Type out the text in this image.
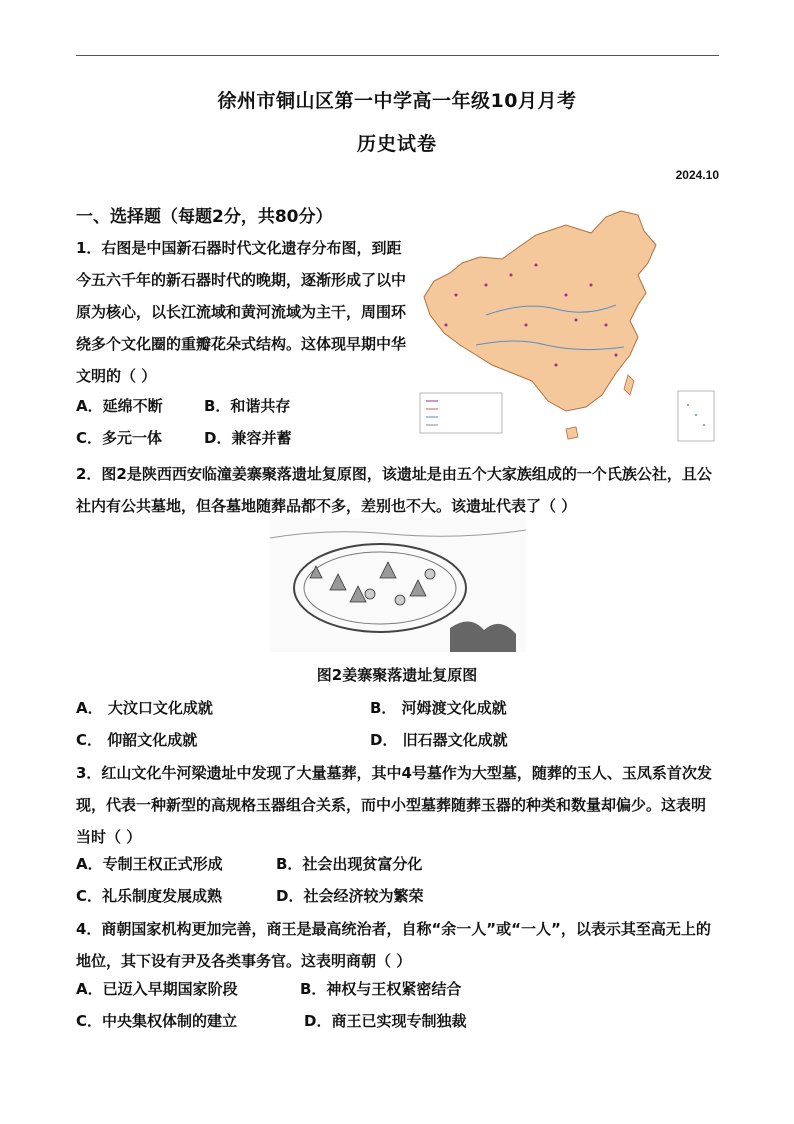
徐州市铜山区第一中学高一年级10月月考
历史试卷
2024.10
一、选择题（每题2分，共80分）
1．右图是中国新石器时代文化遗存分布图，到距今五六千年的新石器时代的晚期，逐渐形成了以中原为核心，以长江流域和黄河流域为主干，周围环绕多个文化圈的重瓣花朵式结构。这体现早期中华文明的（ ）
A．延绵不断	B．和谐共存
C．多元一体	D．兼容并蓄
2．图2是陕西西安临潼姜寨聚落遗址复原图，该遗址是由五个大家族组成的一个氏族公社，且公社内有公共墓地，但各墓地随葬品都不多，差别也不大。该遗址代表了（ ）
图2姜寨聚落遗址复原图
A． 大汶口文化成就	B． 河姆渡文化成就
C． 仰韶文化成就	D． 旧石器文化成就
3．红山文化牛河梁遗址中发现了大量墓葬，其中4号墓作为大型墓，随葬的玉人、玉凤系首次发现，代表一种新型的高规格玉器组合关系，而中小型墓葬随葬玉器的种类和数量却偏少。这表明当时（ ）
A．专制王权正式形成	B．社会出现贫富分化
C．礼乐制度发展成熟	D．社会经济较为繁荣
4．商朝国家机构更加完善，商王是最高统治者，自称“余一人”或“一人”，以表示其至高无上的地位，其下设有尹及各类事务官。这表明商朝（ ）
A．已迈入早期国家阶段	B．神权与王权紧密结合
C．中央集权体制的建立	D．商王已实现专制独裁
